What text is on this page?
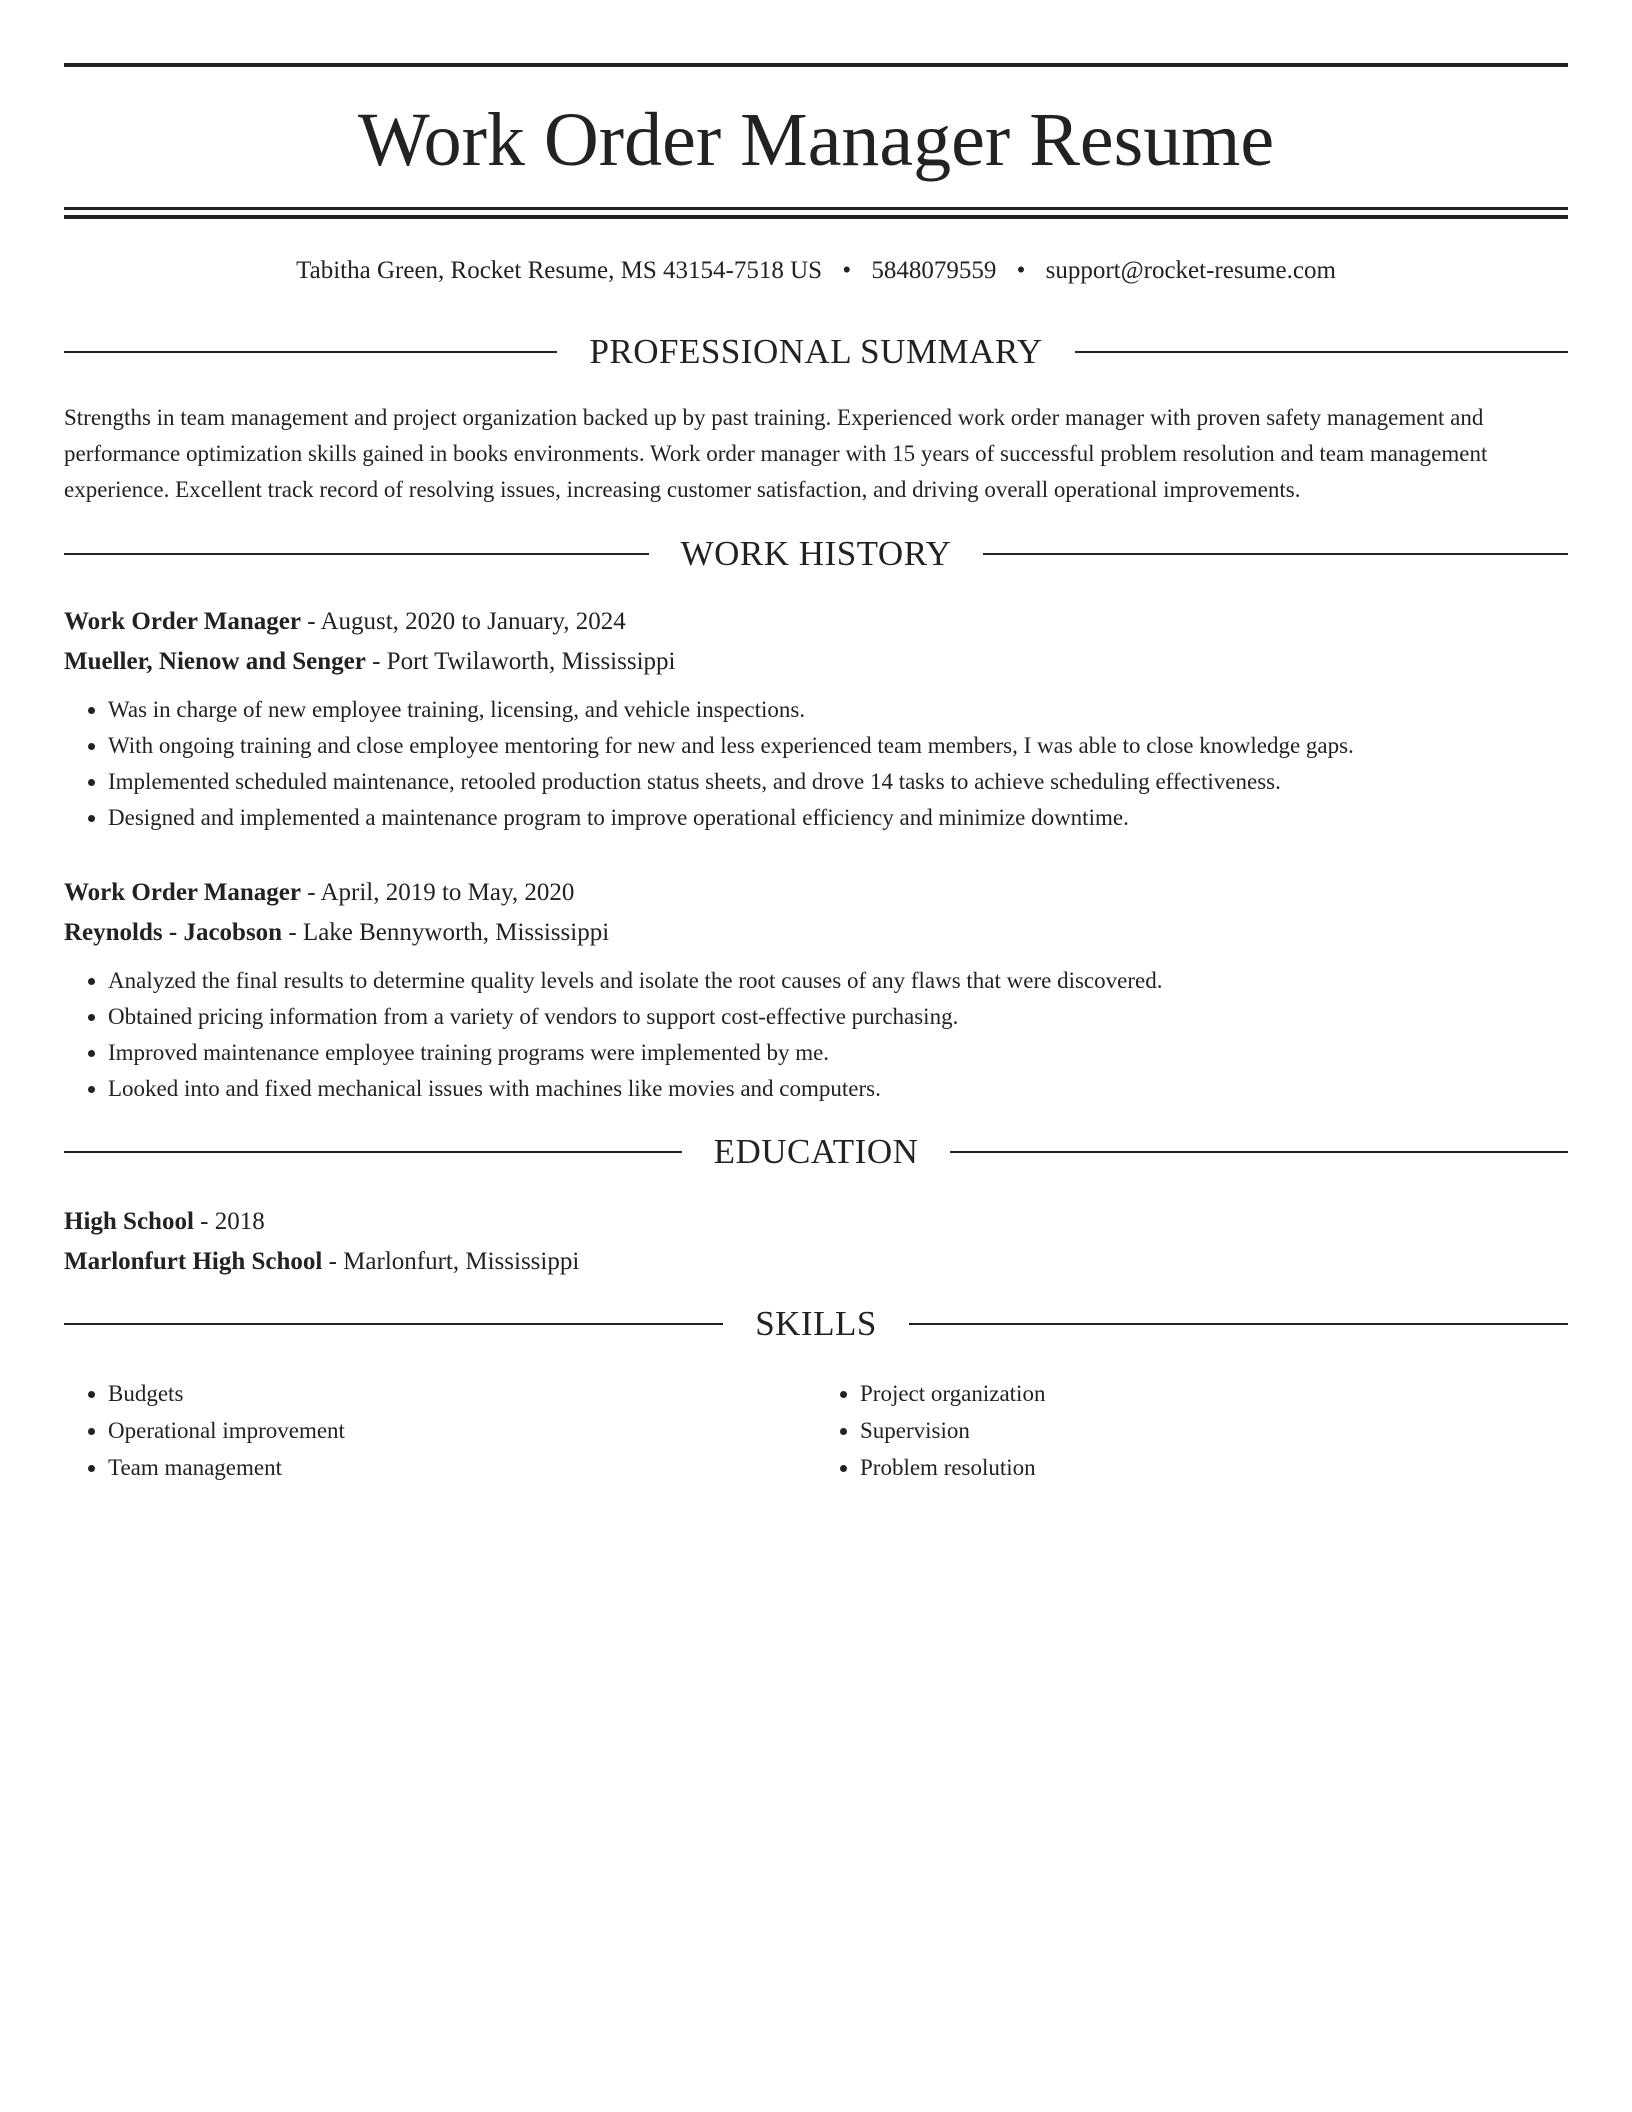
Work Order Manager Resume
Tabitha Green, Rocket Resume, MS 43154-7518 US • 5848079559 • support@rocket-resume.com
PROFESSIONAL SUMMARY

Strengths in team management and project organization backed up by past training. Experienced work order manager with proven safety management and performance optimization skills gained in books environments. Work order manager with 15 years of successful problem resolution and team management experience. Excellent track record of resolving issues, increasing customer satisfaction, and driving overall operational improvements.

WORK HISTORY
Work Order Manager - August, 2020 to January, 2024
Mueller, Nienow and Senger - Port Twilaworth, Mississippi
• Was in charge of new employee training, licensing, and vehicle inspections.
• With ongoing training and close employee mentoring for new and less experienced team members, I was able to close knowledge gaps.
• Implemented scheduled maintenance, retooled production status sheets, and drove 14 tasks to achieve scheduling effectiveness.
• Designed and implemented a maintenance program to improve operational efficiency and minimize downtime.
Work Order Manager - April, 2019 to May, 2020
Reynolds - Jacobson - Lake Bennyworth, Mississippi
• Analyzed the final results to determine quality levels and isolate the root causes of any flaws that were discovered.
• Obtained pricing information from a variety of vendors to support cost-effective purchasing.
• Improved maintenance employee training programs were implemented by me.
• Looked into and fixed mechanical issues with machines like movies and computers.
EDUCATION
High School - 2018
Marlonfurt High School - Marlonfurt, Mississippi
SKILLS
• Budgets
• Operational improvement
• Team management
• Project organization
• Supervision
• Problem resolution
